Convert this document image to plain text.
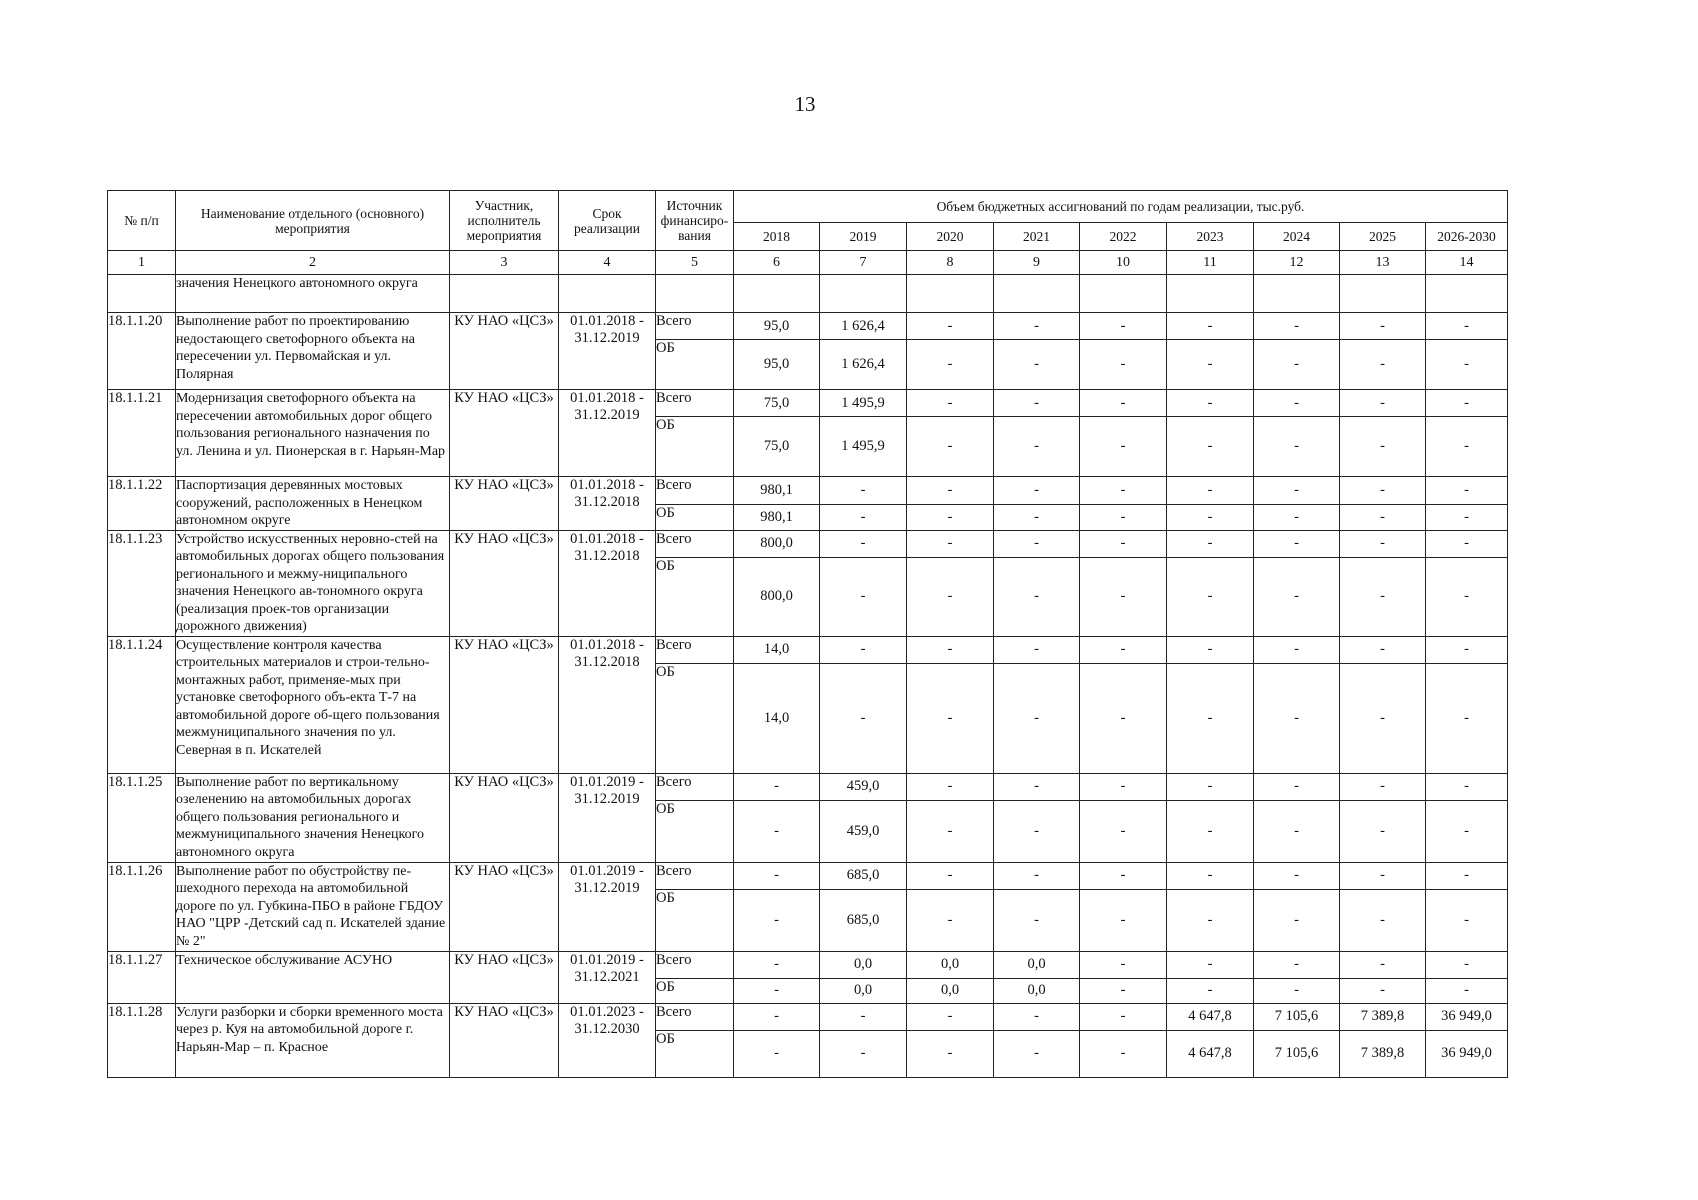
13
№ п/п	Наименование отдельного (основного) мероприятия	Участник, исполнитель мероприятия	Срок реализации	Источник финансиро-вания	Объем бюджетных ассигнований по годам реализации, тыс.руб.								
					2018	2019	2020	2021	2022	2023	2024	2025	2026-2030
1	2	3	4	5	6	7	8	9	10	11	12	13	14
	значения Ненецкого автономного округа												
18.1.1.20	Выполнение работ по проектированию недостающего светофорного объекта на пересечении ул. Первомайская и ул. Полярная	КУ НАО «ЦСЗ»	01.01.2018 - 31.12.2019	Всего	95,0	1 626,4	-	-	-	-	-	-	-
				ОБ	95,0	1 626,4	-	-	-	-	-	-	-
18.1.1.21	Модернизация светофорного объекта на пересечении автомобильных дорог общего пользования регионального назначения по ул. Ленина и ул. Пионерская в г. Нарьян-Мар	КУ НАО «ЦСЗ»	01.01.2018 - 31.12.2019	Всего	75,0	1 495,9	-	-	-	-	-	-	-
				ОБ	75,0	1 495,9	-	-	-	-	-	-	-
18.1.1.22	Паспортизация деревянных мостовых сооружений, расположенных в Ненецком автономном округе	КУ НАО «ЦСЗ»	01.01.2018 - 31.12.2018	Всего	980,1	-	-	-	-	-	-	-	-
				ОБ	980,1	-	-	-	-	-	-	-	-
18.1.1.23	Устройство искусственных неровно-стей на автомобильных дорогах общего пользования регионального и межму-ниципального значения Ненецкого ав-тономного округа (реализация проек-тов организации дорожного движения)	КУ НАО «ЦСЗ»	01.01.2018 - 31.12.2018	Всего	800,0	-	-	-	-	-	-	-	-
				ОБ	800,0	-	-	-	-	-	-	-	-
18.1.1.24	Осуществление контроля качества строительных материалов и строи-тельно-монтажных работ, применяе-мых при установке светофорного объ-екта Т-7 на автомобильной дороге об-щего пользования межмуниципального значения по ул. Северная в п. Искателей	КУ НАО «ЦСЗ»	01.01.2018 - 31.12.2018	Всего	14,0	-	-	-	-	-	-	-	-
				ОБ	14,0	-	-	-	-	-	-	-	-
18.1.1.25	Выполнение работ по вертикальному озеленению на автомобильных дорогах общего пользования регионального и межмуниципального значения Ненецкого автономного округа	КУ НАО «ЦСЗ»	01.01.2019 - 31.12.2019	Всего	-	459,0	-	-	-	-	-	-	-
				ОБ	-	459,0	-	-	-	-	-	-	-
18.1.1.26	Выполнение работ по обустройству пе-шеходного перехода на автомобильной дороге по ул. Губкина-ПБО в районе ГБДОУ НАО "ЦРР -Детский сад п. Искателей здание № 2"	КУ НАО «ЦСЗ»	01.01.2019 - 31.12.2019	Всего	-	685,0	-	-	-	-	-	-	-
				ОБ	-	685,0	-	-	-	-	-	-	-
18.1.1.27	Техническое обслуживание АСУНО	КУ НАО «ЦСЗ»	01.01.2019 - 31.12.2021	Всего	-	0,0	0,0	0,0	-	-	-	-	-
				ОБ	-	0,0	0,0	0,0	-	-	-	-	-
18.1.1.28	Услуги разборки и сборки временного моста через р. Куя на автомобильной дороге г. Нарьян-Мар – п. Красное	КУ НАО «ЦСЗ»	01.01.2023 - 31.12.2030	Всего	-	-	-	-	-	4 647,8	7 105,6	7 389,8	36 949,0
				ОБ	-	-	-	-	-	4 647,8	7 105,6	7 389,8	36 949,0
